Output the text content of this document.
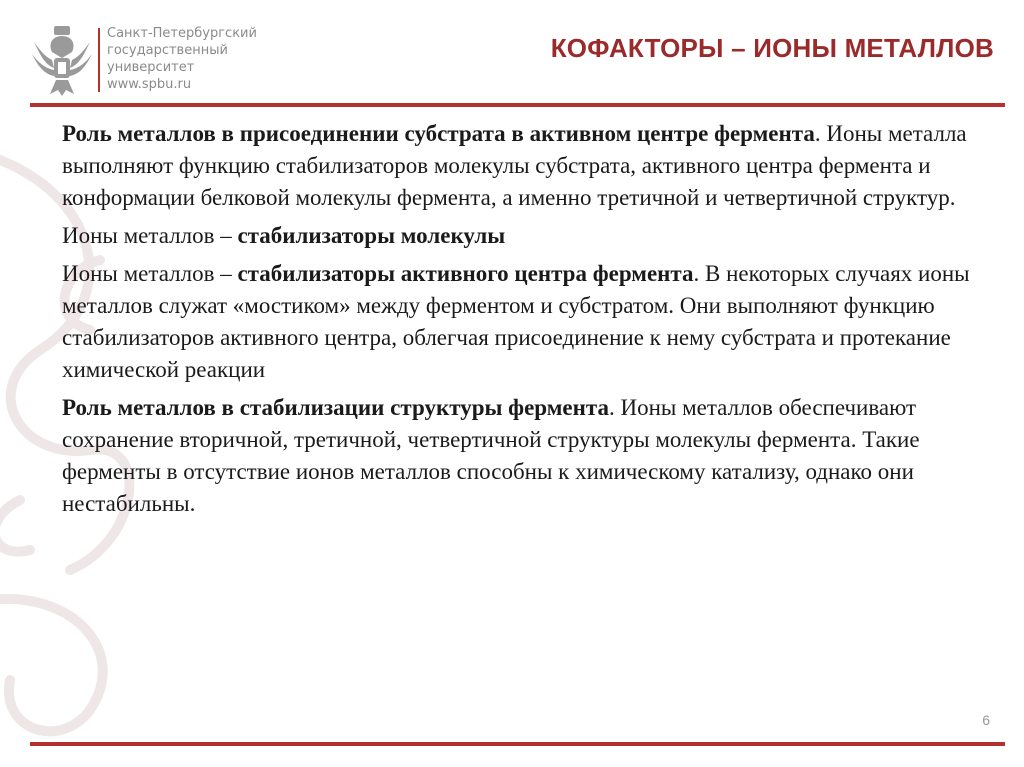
Санкт-Петербургский
государственный
университет
www.spbu.ru
КОФАКТОРЫ – ИОНЫ МЕТАЛЛОВ

Роль металлов в присоединении субстрата в активном центре фермента. Ионы металла выполняют функцию стабилизаторов молекулы субстрата, активного центра фермента и конформации белковой молекулы фермента, а именно третичной и четвертичной структур.

Ионы металлов – стабилизаторы молекулы

Ионы металлов – стабилизаторы активного центра фермента. В некоторых случаях ионы металлов служат «мостиком» между ферментом и субстратом. Они выполняют функцию стабилизаторов активного центра, облегчая присоединение к нему субстрата и протекание химической реакции

Роль металлов в стабилизации структуры фермента. Ионы металлов обеспечивают сохранение вторичной, третичной, четвертичной структуры молекулы фермента. Такие ферменты в отсутствие ионов металлов способны к химическому катализу, однако они нестабильны.

6
